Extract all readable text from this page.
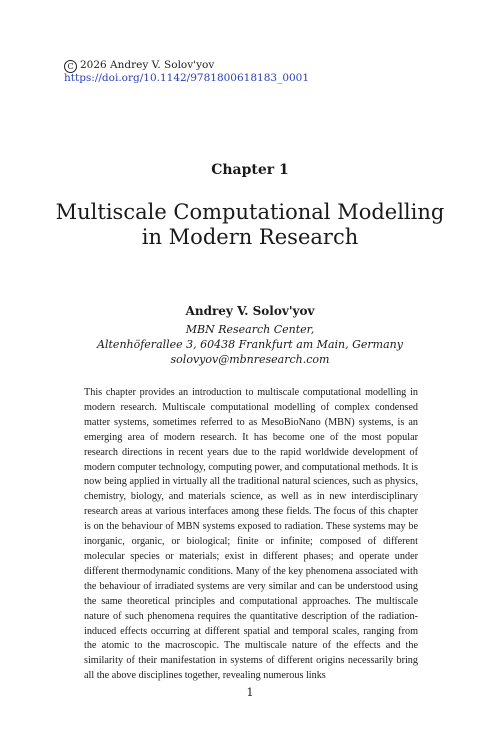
C 2026 Andrey V. Solov'yov
https://doi.org/10.1142/9781800618183_0001
Chapter 1
Multiscale Computational Modelling
in Modern Research
Andrey V. Solov'yov
MBN Research Center,
Altenhöferallee 3, 60438 Frankfurt am Main, Germany
solovyov@mbnresearch.com
This chapter provides an introduction to multiscale computational modelling in modern research. Multiscale computational modelling of complex condensed matter systems, sometimes referred to as MesoBioNano (MBN) systems, is an emerging area of modern research. It has become one of the most popular research directions in recent years due to the rapid worldwide development of modern computer technology, computing power, and computational methods. It is now being applied in virtually all the traditional natural sciences, such as physics, chemistry, biology, and materials science, as well as in new interdisciplinary research areas at various interfaces among these fields. The focus of this chapter is on the behaviour of MBN systems exposed to radiation. These systems may be inorganic, organic, or biological; finite or infinite; composed of different molecular species or materials; exist in different phases; and operate under different thermodynamic conditions. Many of the key phenomena associated with the behaviour of irradiated systems are very similar and can be understood using the same theoretical principles and computational approaches. The multiscale nature of such phenomena requires the quantitative description of the radiation-induced effects occurring at different spatial and temporal scales, ranging from the atomic to the macroscopic. The multiscale nature of the effects and the similarity of their manifestation in systems of different origins necessarily bring all the above disciplines together, revealing numerous links
1
